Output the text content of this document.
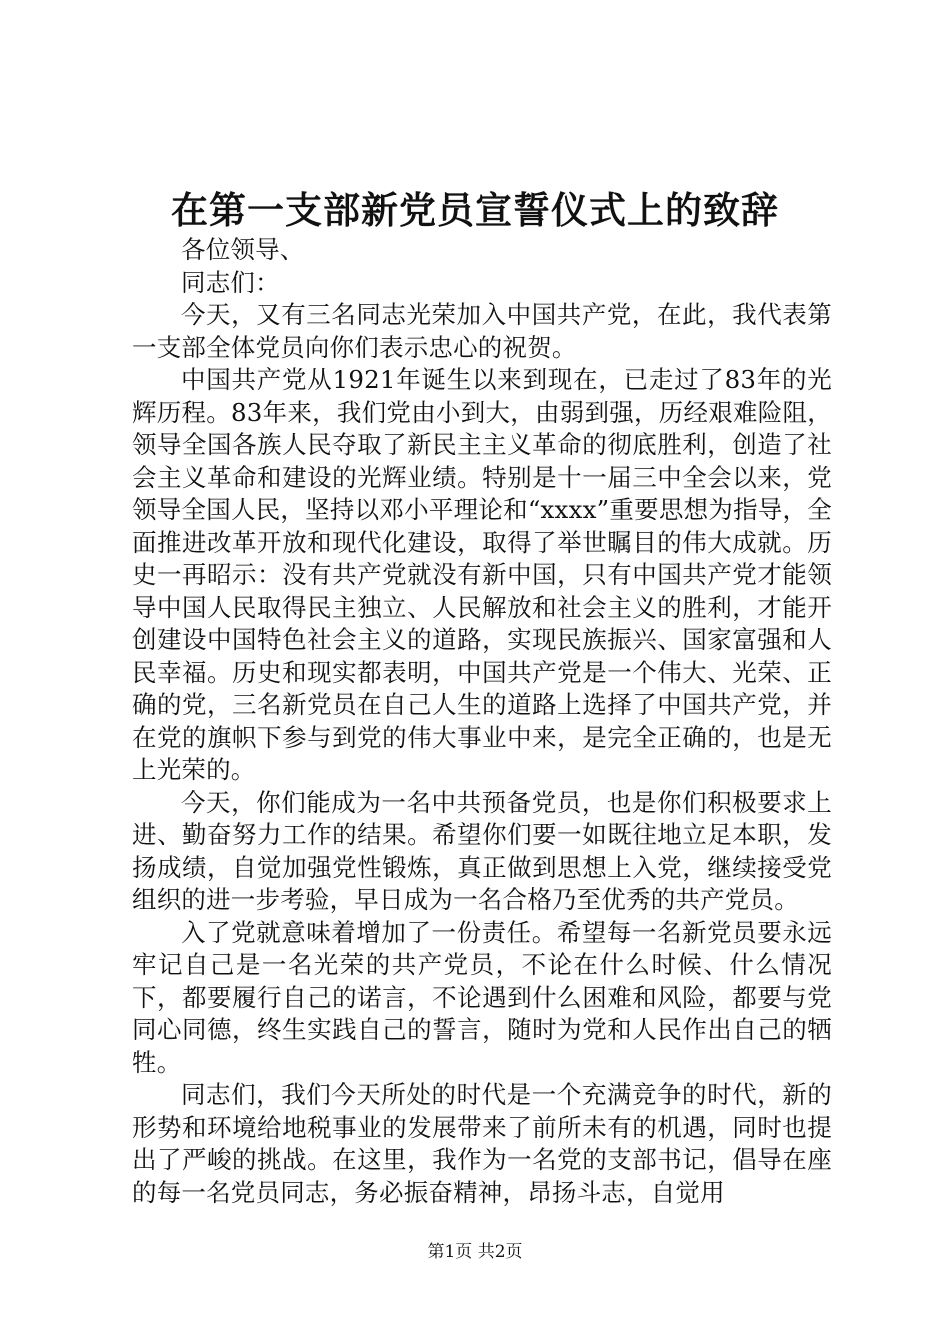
在第一支部新党员宣誓仪式上的致辞

各位领导、

同志们：

今天，又有三名同志光荣加入中国共产党，在此，我代表第一支部全体党员向你们表示忠心的祝贺。

中国共产党从1921年诞生以来到现在，已走过了83年的光辉历程。83年来，我们党由小到大，由弱到强，历经艰难险阻，领导全国各族人民夺取了新民主主义革命的彻底胜利，创造了社会主义革命和建设的光辉业绩。特别是十一届三中全会以来，党领导全国人民，坚持以邓小平理论和“xxxx”重要思想为指导，全面推进改革开放和现代化建设，取得了举世瞩目的伟大成就。历史一再昭示：没有共产党就没有新中国，只有中国共产党才能领导中国人民取得民主独立、人民解放和社会主义的胜利，才能开创建设中国特色社会主义的道路，实现民族振兴、国家富强和人民幸福。历史和现实都表明，中国共产党是一个伟大、光荣、正确的党，三名新党员在自己人生的道路上选择了中国共产党，并在党的旗帜下参与到党的伟大事业中来，是完全正确的，也是无上光荣的。

今天，你们能成为一名中共预备党员，也是你们积极要求上进、勤奋努力工作的结果。希望你们要一如既往地立足本职，发扬成绩，自觉加强党性锻炼，真正做到思想上入党，继续接受党组织的进一步考验，早日成为一名合格乃至优秀的共产党员。

入了党就意味着增加了一份责任。希望每一名新党员要永远牢记自己是一名光荣的共产党员，不论在什么时候、什么情况下，都要履行自己的诺言，不论遇到什么困难和风险，都要与党同心同德，终生实践自己的誓言，随时为党和人民作出自己的牺牲。

同志们，我们今天所处的时代是一个充满竞争的时代，新的形势和环境给地税事业的发展带来了前所未有的机遇，同时也提出了严峻的挑战。在这里，我作为一名党的支部书记，倡导在座的每一名党员同志，务必振奋精神，昂扬斗志，自觉用

第1页 共2页
